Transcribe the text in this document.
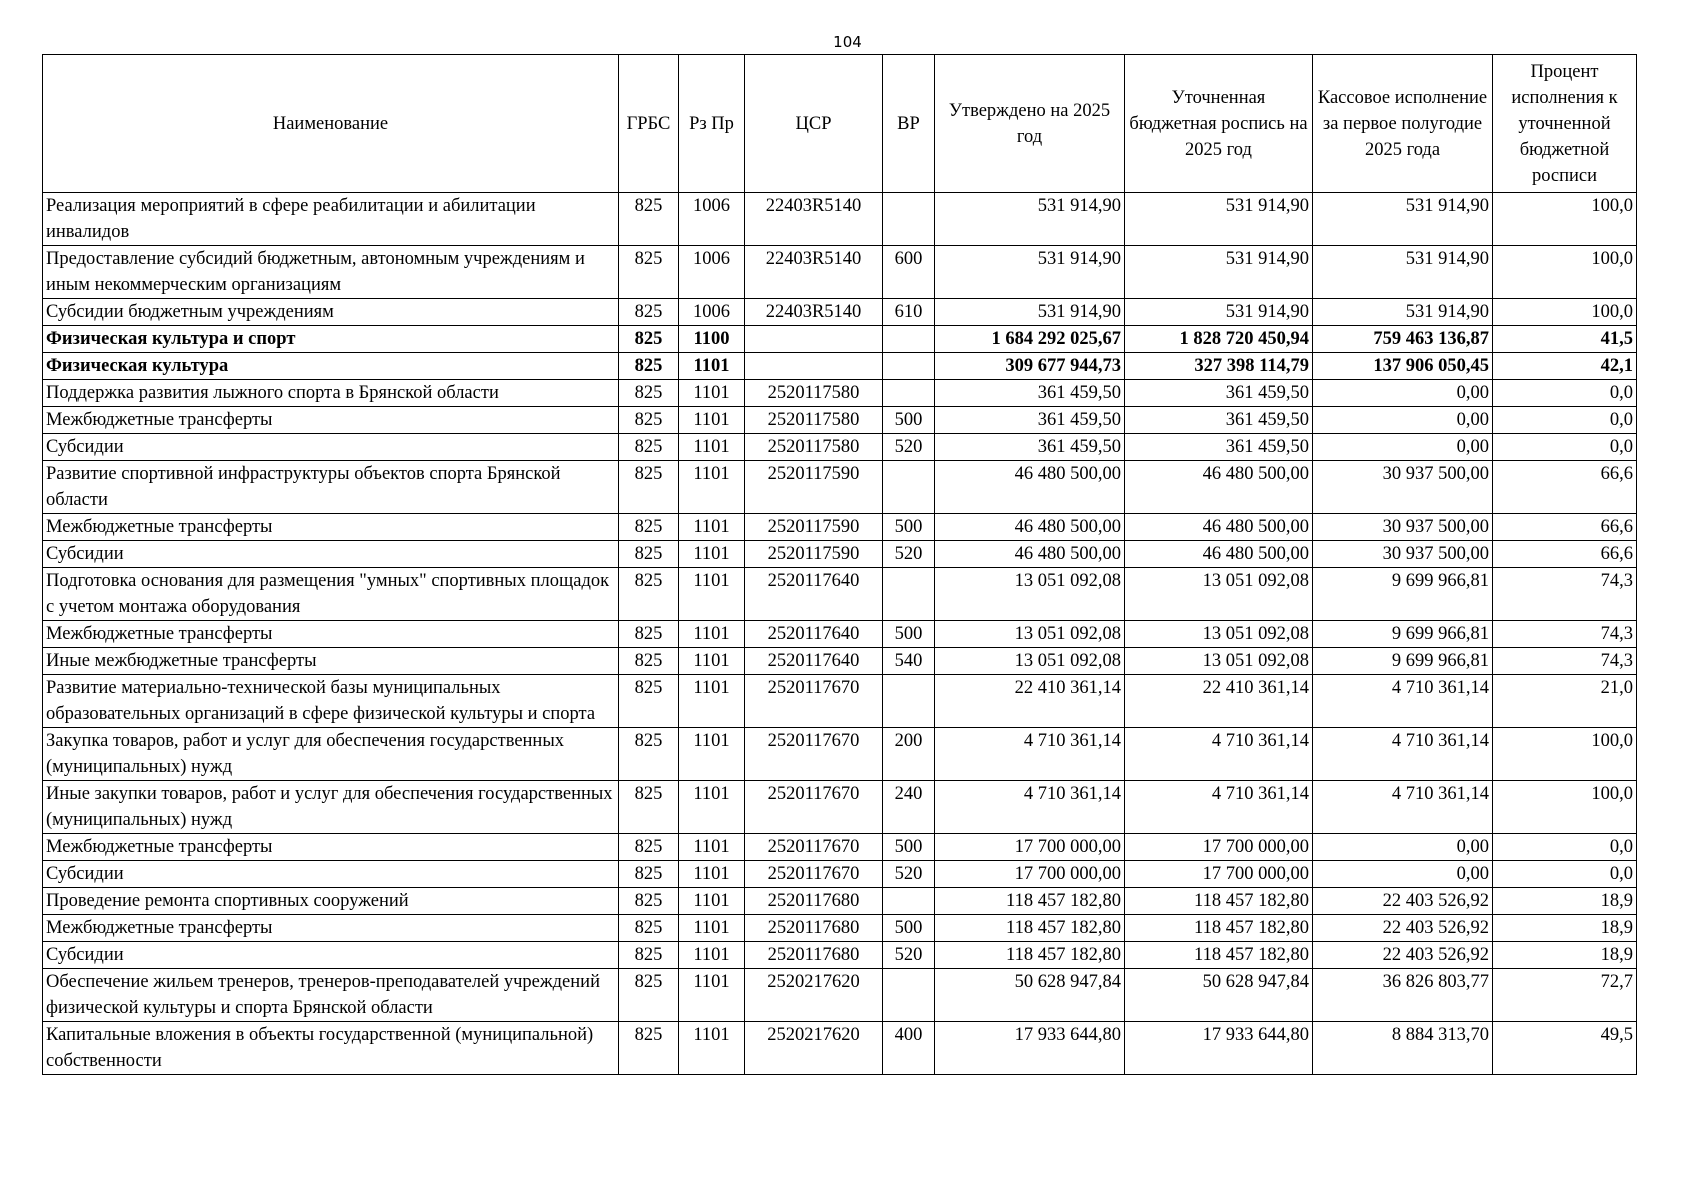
104
Наименование	ГРБС	Рз Пр	ЦСР	ВР	Утверждено на 2025 год	Уточненная бюджетная роспись на 2025 год	Кассовое исполнение за первое полугодие 2025 года	Процент исполнения к уточненной бюджетной росписи
Реализация мероприятий в сфере реабилитации и абилитации инвалидов	825	1006	22403R5140		531 914,90	531 914,90	531 914,90	100,0
Предоставление субсидий бюджетным, автономным учреждениям и иным некоммерческим организациям	825	1006	22403R5140	600	531 914,90	531 914,90	531 914,90	100,0
Субсидии бюджетным учреждениям	825	1006	22403R5140	610	531 914,90	531 914,90	531 914,90	100,0
Физическая культура и спорт	825	1100			1 684 292 025,67	1 828 720 450,94	759 463 136,87	41,5
Физическая культура	825	1101			309 677 944,73	327 398 114,79	137 906 050,45	42,1
Поддержка развития лыжного спорта в Брянской области	825	1101	2520117580		361 459,50	361 459,50	0,00	0,0
Межбюджетные трансферты	825	1101	2520117580	500	361 459,50	361 459,50	0,00	0,0
Субсидии	825	1101	2520117580	520	361 459,50	361 459,50	0,00	0,0
Развитие спортивной инфраструктуры объектов спорта Брянской области	825	1101	2520117590		46 480 500,00	46 480 500,00	30 937 500,00	66,6
Межбюджетные трансферты	825	1101	2520117590	500	46 480 500,00	46 480 500,00	30 937 500,00	66,6
Субсидии	825	1101	2520117590	520	46 480 500,00	46 480 500,00	30 937 500,00	66,6
Подготовка основания для размещения "умных" спортивных площадок с учетом монтажа оборудования	825	1101	2520117640		13 051 092,08	13 051 092,08	9 699 966,81	74,3
Межбюджетные трансферты	825	1101	2520117640	500	13 051 092,08	13 051 092,08	9 699 966,81	74,3
Иные межбюджетные трансферты	825	1101	2520117640	540	13 051 092,08	13 051 092,08	9 699 966,81	74,3
Развитие материально-технической базы муниципальных образовательных организаций в сфере физической культуры и спорта	825	1101	2520117670		22 410 361,14	22 410 361,14	4 710 361,14	21,0
Закупка товаров, работ и услуг для обеспечения государственных (муниципальных) нужд	825	1101	2520117670	200	4 710 361,14	4 710 361,14	4 710 361,14	100,0
Иные закупки товаров, работ и услуг для обеспечения государственных (муниципальных) нужд	825	1101	2520117670	240	4 710 361,14	4 710 361,14	4 710 361,14	100,0
Межбюджетные трансферты	825	1101	2520117670	500	17 700 000,00	17 700 000,00	0,00	0,0
Субсидии	825	1101	2520117670	520	17 700 000,00	17 700 000,00	0,00	0,0
Проведение ремонта спортивных сооружений	825	1101	2520117680		118 457 182,80	118 457 182,80	22 403 526,92	18,9
Межбюджетные трансферты	825	1101	2520117680	500	118 457 182,80	118 457 182,80	22 403 526,92	18,9
Субсидии	825	1101	2520117680	520	118 457 182,80	118 457 182,80	22 403 526,92	18,9
Обеспечение жильем тренеров, тренеров-преподавателей учреждений физической культуры и спорта Брянской области	825	1101	2520217620		50 628 947,84	50 628 947,84	36 826 803,77	72,7
Капитальные вложения в объекты государственной (муниципальной) собственности	825	1101	2520217620	400	17 933 644,80	17 933 644,80	8 884 313,70	49,5
